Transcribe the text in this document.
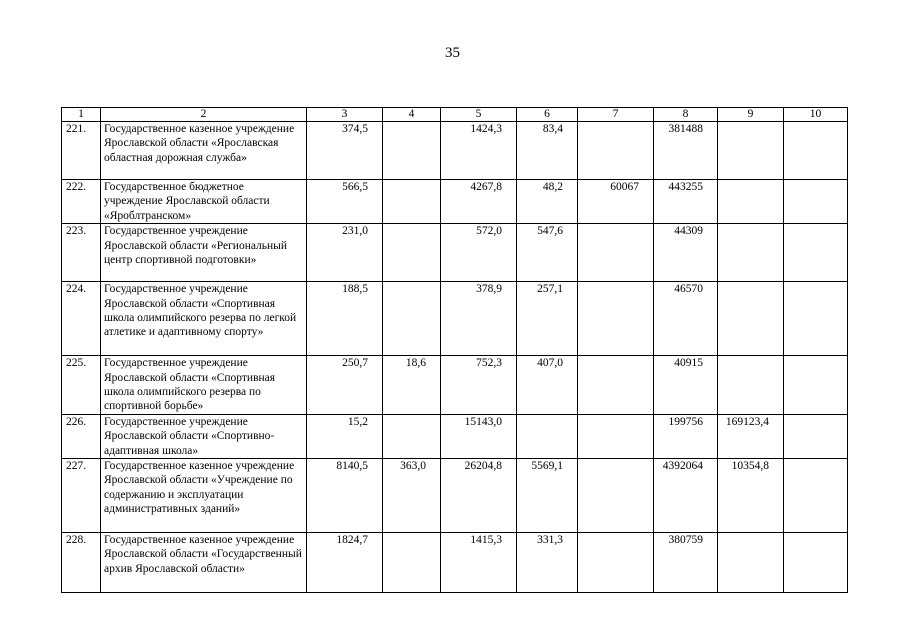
35
1	2	3	4	5	6	7	8	9	10
221.	Государственное казенное учреждение Ярославской области «Ярославская областная дорожная служба»	374,5		1424,3	83,4		381488		
222.	Государственное бюджетное учреждение Ярославской области «Яроблтранском»	566,5		4267,8	48,2	60067	443255		
223.	Государственное учреждение Ярославской области «Региональный центр спортивной подготовки»	231,0		572,0	547,6		44309		
224.	Государственное учреждение Ярославской области «Спортивная школа олимпийского резерва по легкой атлетике и адаптивному спорту»	188,5		378,9	257,1		46570		
225.	Государственное учреждение Ярославской области «Спортивная школа олимпийского резерва по спортивной борьбе»	250,7	18,6	752,3	407,0		40915		
226.	Государственное учреждение Ярославской области «Спортивно-адаптивная школа»	15,2		15143,0			199756	169123,4	
227.	Государственное казенное учреждение Ярославской области «Учреждение по содержанию и эксплуатации административных зданий»	8140,5	363,0	26204,8	5569,1		4392064	10354,8	
228.	Государственное казенное учреждение Ярославской области «Государственный архив Ярославской области»	1824,7		1415,3	331,3		380759		
